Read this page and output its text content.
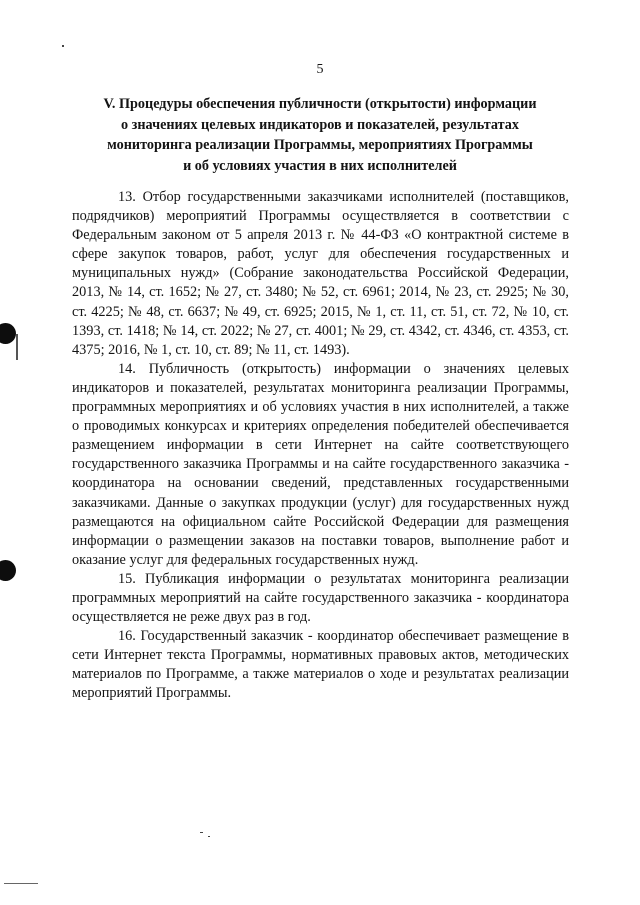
5
V. Процедуры обеспечения публичности (открытости) информации
о значениях целевых индикаторов и показателей, результатах
мониторинга реализации Программы, мероприятиях Программы
и об условиях участия в них исполнителей

13. Отбор государственными заказчиками исполнителей (поставщиков, подрядчиков) мероприятий Программы осуществляется в соответствии с Федеральным законом от 5 апреля 2013 г. № 44-ФЗ «О контрактной системе в сфере закупок товаров, работ, услуг для обеспечения государственных и муниципальных нужд» (Собрание законодательства Российской Федерации, 2013, № 14, ст. 1652; № 27, ст. 3480; № 52, ст. 6961; 2014, № 23, ст. 2925; № 30, ст. 4225; № 48, ст. 6637; № 49, ст. 6925; 2015, № 1, ст. 11, ст. 51, ст. 72, № 10, ст. 1393, ст. 1418; № 14, ст. 2022; № 27, ст. 4001; № 29, ст. 4342, ст. 4346, ст. 4353, ст. 4375; 2016, № 1, ст. 10, ст. 89; № 11, ст. 1493).

14. Публичность (открытость) информации о значениях целевых индикаторов и показателей, результатах мониторинга реализации Программы, программных мероприятиях и об условиях участия в них исполнителей, а также о проводимых конкурсах и критериях определения победителей обеспечивается размещением информации в сети Интернет на сайте соответствующего государственного заказчика Программы и на сайте государственного заказчика - координатора на основании сведений, представленных государственными заказчиками. Данные о закупках продукции (услуг) для государственных нужд размещаются на официальном сайте Российской Федерации для размещения информации о размещении заказов на поставки товаров, выполнение работ и оказание услуг для федеральных государственных нужд.

15. Публикация информации о результатах мониторинга реализации программных мероприятий на сайте государственного заказчика - координатора осуществляется не реже двух раз в год.

16. Государственный заказчик - координатор обеспечивает размещение в сети Интернет текста Программы, нормативных правовых актов, методических материалов по Программе, а также материалов о ходе и результатах реализации мероприятий Программы.
